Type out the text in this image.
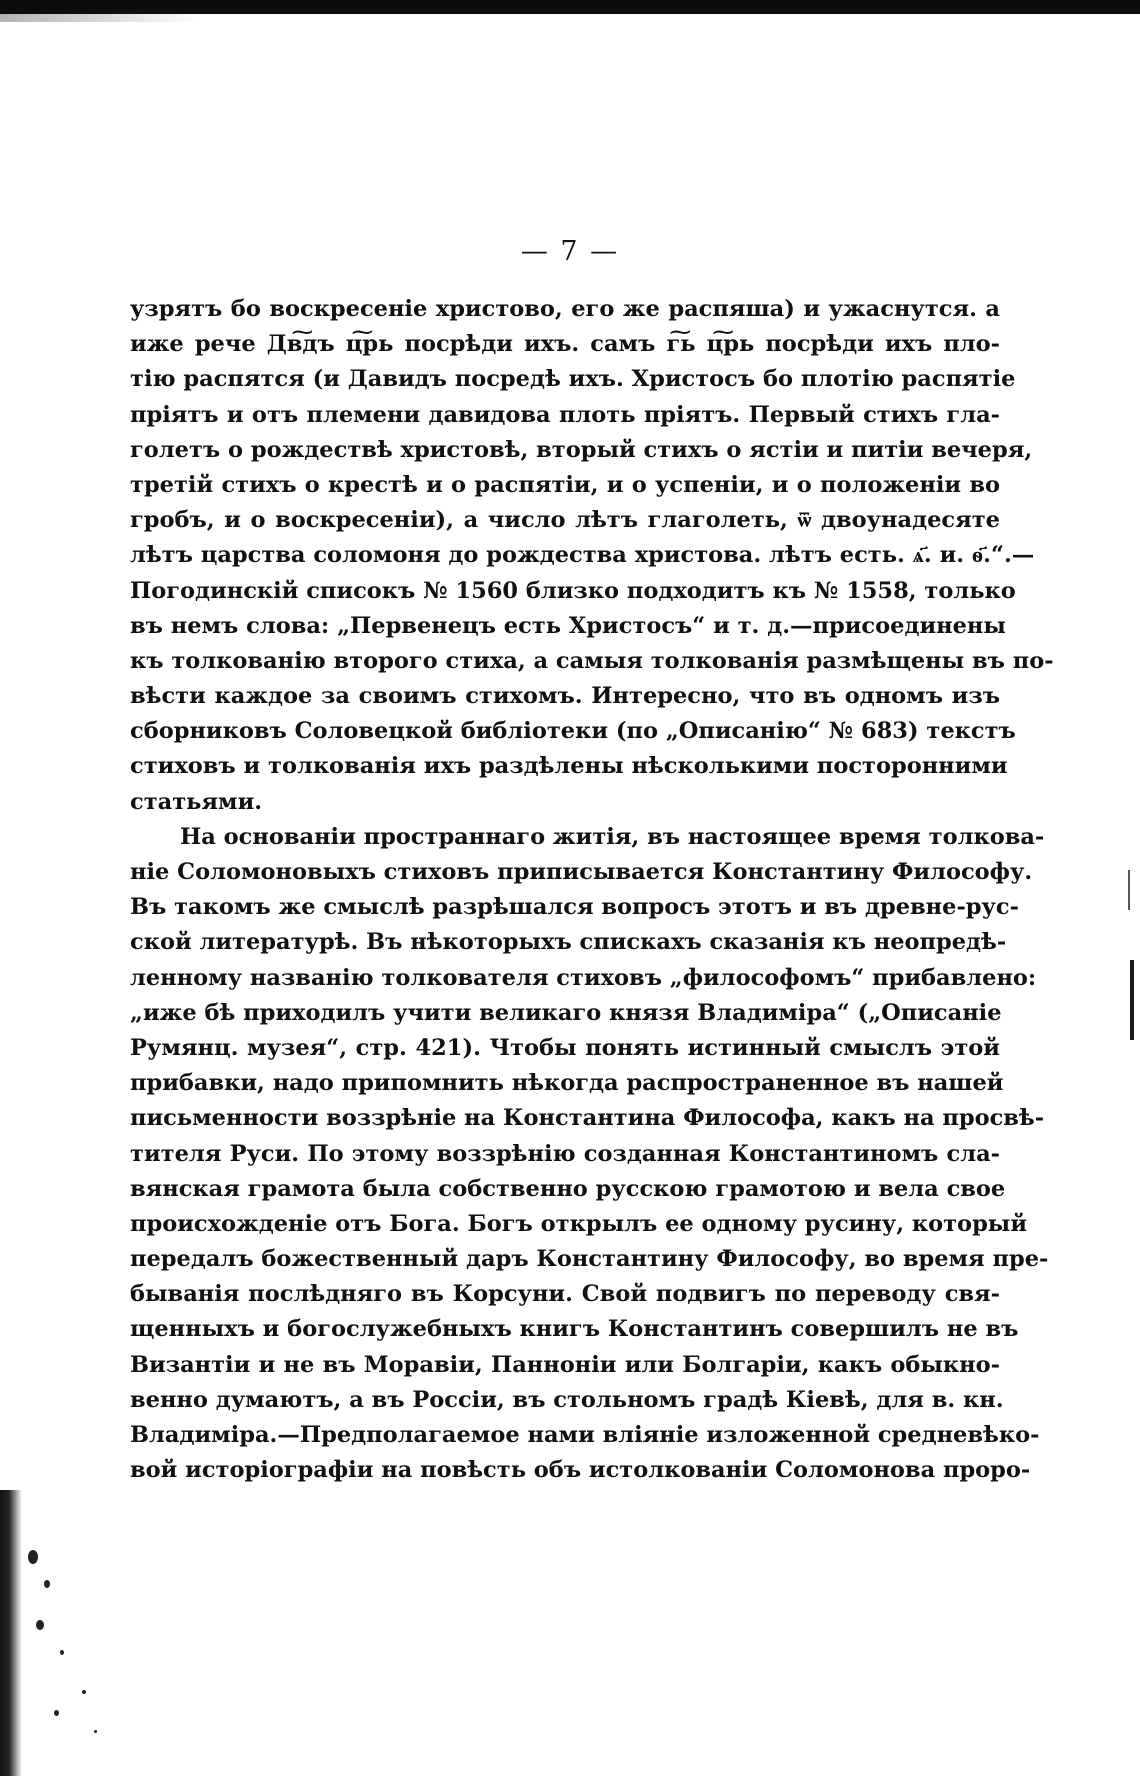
— 7 —
узрятъ бо воскресеніе христово, его же распяша) и ужаснутся. а
иже рече Дв͠дъ ц͠рь посрѣди ихъ. самъ г͠ь ц͠рь посрѣди ихъ пло-
тію распятся (и Давидъ посредѣ ихъ. Христосъ бо плотію распятіе
пріятъ и отъ племени давидова плоть пріятъ. Первый стихъ гла-
голетъ о рождествѣ христовѣ, вторый стихъ о ястіи и питіи вечеря,
третій стихъ о крестѣ и о распятіи, и о успеніи, и о положеніи во
гробъ, и о воскресеніи), а число лѣтъ глаголеть, ѿ двоунадесяте
лѣтъ царства соломоня до рождества христова. лѣтъ есть. ѧ҃. и. ѳ҃.“.—
Погодинскій списокъ № 1560 близко подходитъ къ № 1558, только
въ немъ слова: „Первенецъ есть Христосъ“ и т. д.—присоединены
къ толкованію второго стиха, а самыя толкованія размѣщены въ по-
вѣсти каждое за своимъ стихомъ. Интересно, что въ одномъ изъ
сборниковъ Соловецкой библіотеки (по „Описанію“ № 683) текстъ
стиховъ и толкованія ихъ раздѣлены нѣсколькими посторонними
статьями.
На основаніи пространнаго житія, въ настоящее время толкова-
ніе Соломоновыхъ стиховъ приписывается Константину Философу.
Въ такомъ же смыслѣ разрѣшался вопросъ этотъ и въ древне-рус-
ской литературѣ. Въ нѣкоторыхъ спискахъ сказанія къ неопредѣ-
ленному названію толкователя стиховъ „философомъ“ прибавлено:
„иже бѣ приходилъ учити великаго князя Владиміра“ („Описаніе
Румянц. музея“, стр. 421). Чтобы понять истинный смыслъ этой
прибавки, надо припомнить нѣкогда распространенное въ нашей
письменности воззрѣніе на Константина Философа, какъ на просвѣ-
тителя Руси. По этому воззрѣнію созданная Константиномъ сла-
вянская грамота была собственно русскою грамотою и вела свое
происхожденіе отъ Бога. Богъ открылъ ее одному русину, который
передалъ божественный даръ Константину Философу, во время пре-
быванія послѣдняго въ Корсуни. Свой подвигъ по переводу свя-
щенныхъ и богослужебныхъ книгъ Константинъ совершилъ не въ
Византіи и не въ Моравіи, Панноніи или Болгаріи, какъ обыкно-
венно думаютъ, а въ Россіи, въ стольномъ градѣ Кіевѣ, для в. кн.
Владиміра.—Предполагаемое нами вліяніе изложенной средневѣко-
вой исторіографіи на повѣсть объ истолкованіи Соломонова проро-
